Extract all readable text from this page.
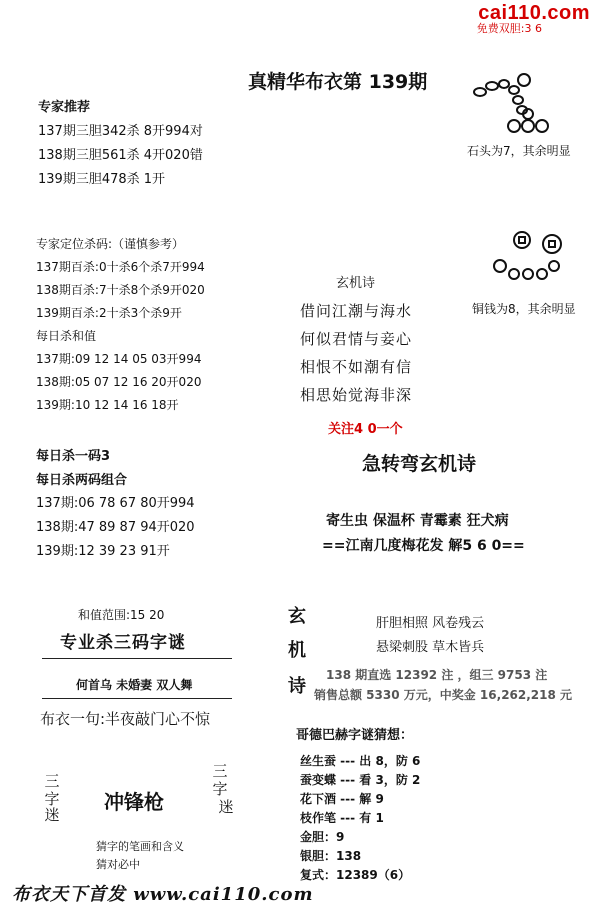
cai110.com
免费双胆:3 6
真精华布衣第 139期
专家推荐
137期三胆342杀 8开994对
138期三胆561杀 4开020错
139期三胆478杀 1开
专家定位杀码:（谨慎参考）
137期百杀:0十杀6个杀7开994
138期百杀:7十杀8个杀9开020
139期百杀:2十杀3个杀9开
每日杀和值
137期:09 12 14 05 03开994
138期:05 07 12 16 20开020
139期:10 12 14 16 18开
每日杀一码3
每日杀两码组合
137期:06 78 67 80开994
138期:47 89 87 94开020
139期:12 39 23 91开
和值范围:15 20
专业杀三码字谜
何首乌 未婚妻 双人舞
布衣一句:半夜敲门心不惊
三字
迷
冲锋枪
三字
迷
猜字的笔画和含义
猜对必中
石头为7，其余明显
铜钱为8，其余明显
玄机诗
借问江潮与海水
何似君情与妾心
相恨不如潮有信
相思始觉海非深
关注4 0一个
急转弯玄机诗
寄生虫 保温杯 青霉素 狂犬病
==江南几度梅花发 解5 6 0==
玄
机
诗
肝胆相照 风卷残云
悬梁刺股 草木皆兵
138 期直选 12392 注 ，组三 9753 注
销售总额 5330 万元，中奖金 16,262,218 元
哥德巴赫字谜猜想：
丝生蚕 --- 出 8，防 6
蚕变蝶 --- 看 3，防 2
花下酒 --- 解 9
枝作笔 --- 有 1
金胆：9
银胆：138
复式：12389（6）
布衣天下首发 www.cai110.com
